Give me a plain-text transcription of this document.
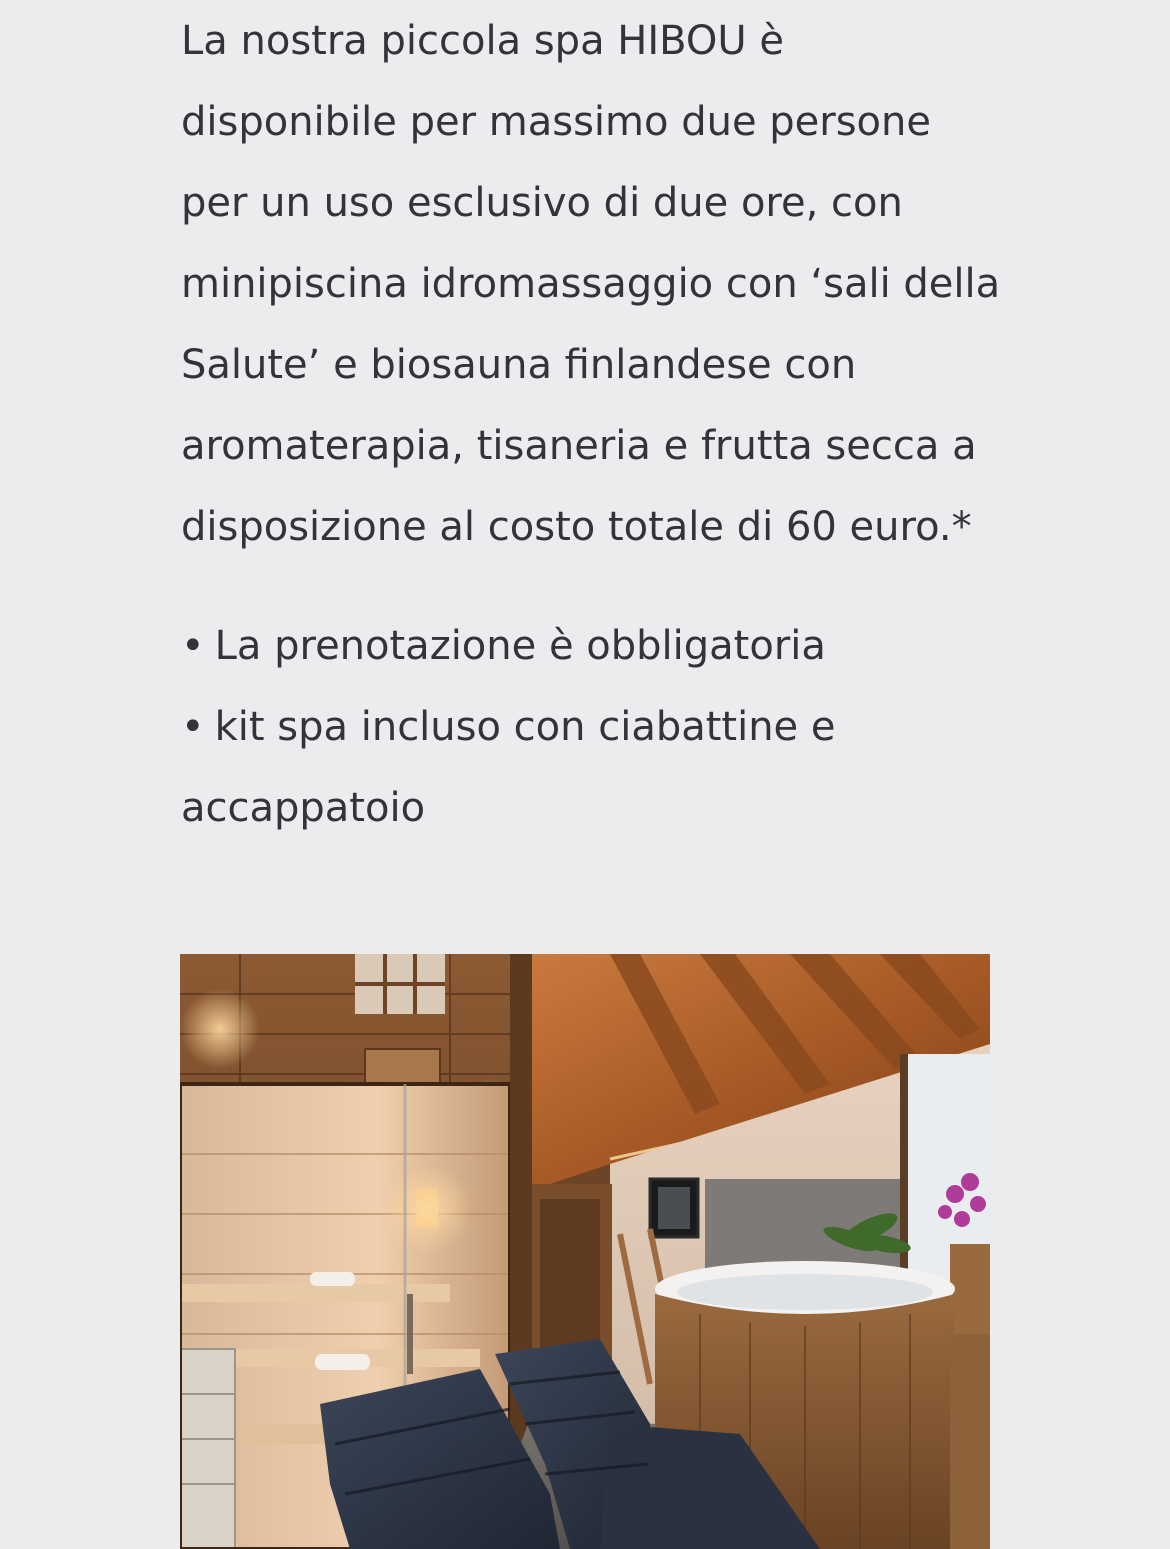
La nostra piccola spa HIBOU è disponibile per massimo due persone per un uso esclusivo di due ore, con minipiscina idromassaggio con ‘sali della Salute’ e biosauna finlandese con aromaterapia, tisaneria e frutta secca a disposizione al costo totale di 60 euro.*

• La prenotazione è obbligatoria
• kit spa incluso con ciabattine e accappatoio
